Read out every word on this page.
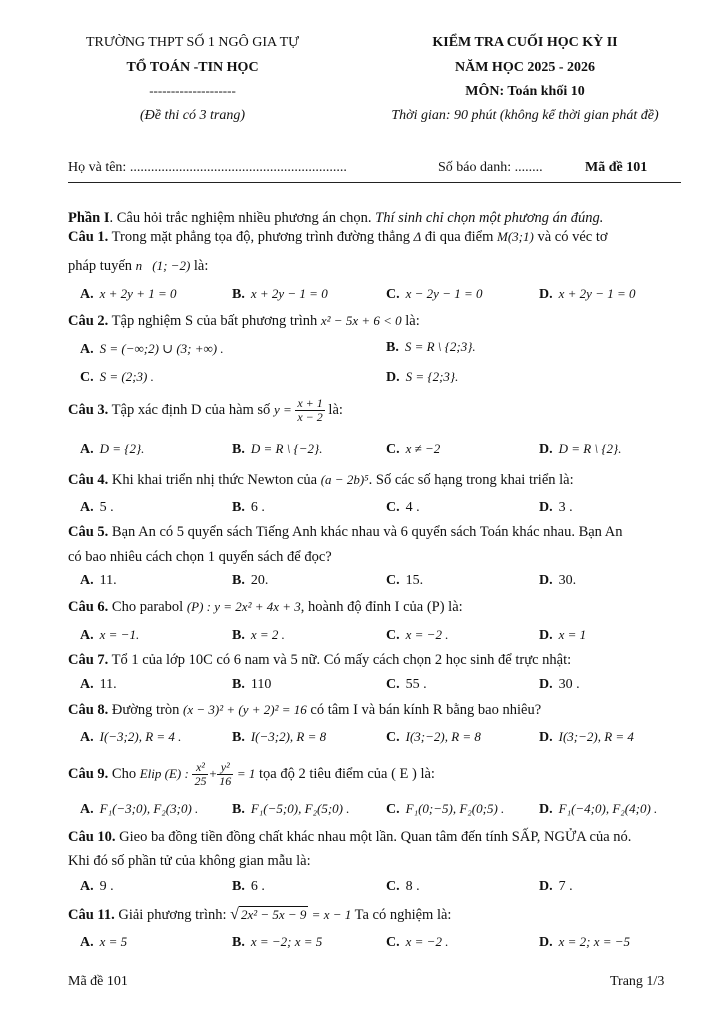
TRƯỜNG THPT SỐ 1 NGÔ GIA TỰ
TỔ TOÁN -TIN HỌC
--------------------
(Đề thi có 3 trang)
KIỂM TRA CUỐI HỌC KỲ II
NĂM HỌC 2025 - 2026
MÔN: Toán khối 10
Thời gian: 90 phút (không kể thời gian phát đề)
Họ và tên: ..............................................................	Số báo danh: ........	Mã đề 101
Phần I. Câu hỏi trắc nghiệm nhiều phương án chọn. Thí sinh chỉ chọn một phương án đúng.
Câu 1. Trong mặt phẳng tọa độ, phương trình đường thẳng Δ đi qua điểm M(3;1) và có véc tơ
pháp tuyến n⃗(1; −2) là:
A. x + 2y + 1 = 0	B. x + 2y − 1 = 0	C. x − 2y − 1 = 0	D. x + 2y − 1 = 0
Câu 2. Tập nghiệm S của bất phương trình x² − 5x + 6 < 0 là:
A. S = (−∞;2) ∪ (3; +∞) .	B. S = R \ {2;3}.
C. S = (2;3) .	D. S = {2;3}.
Câu 3. Tập xác định D của hàm số $y = \frac{x + 1}{x - 2}$ là:
A. D = {2}.	B. D = R \ {−2}.	C. x ≠ −2	D. D = R \ {2}.
Câu 4. Khi khai triển nhị thức Newton của (a − 2b)⁵. Số các số hạng trong khai triển là:
A. 5 .	B. 6 .	C. 4 .	D. 3 .
Câu 5. Bạn An có 5 quyển sách Tiếng Anh khác nhau và 6 quyển sách Toán khác nhau. Bạn An
có bao nhiêu cách chọn 1 quyển sách để đọc?
A. 11.	B. 20.	C. 15.	D. 30.
Câu 6. Cho parabol (P) : y = 2x² + 4x + 3, hoành độ đỉnh I của (P) là:
A. x = −1.	B. x = 2 .	C. x = −2 .	D. x = 1
Câu 7. Tổ 1 của lớp 10C có 6 nam và 5 nữ. Có mấy cách chọn 2 học sinh để trực nhật:
A. 11.	B. 110	C. 55 .	D. 30 .
Câu 8. Đường tròn (x − 3)² + (y + 2)² = 16 có tâm I và bán kính R bằng bao nhiêu?
A. I(−3;2), R = 4 .	B. I(−3;2), R = 8	C. I(3;−2), R = 8	D. I(3;−2), R = 4
Câu 9. Cho Elip (E) : $\frac{\text{x²}}{25} + \frac{\text{y²}}{16} = 1$ tọa độ 2 tiêu điểm của ( E ) là:
A. F₁(−3;0), F₂(3;0) . B. F₁(−5;0), F₂(5;0) .	C. F₁(0;−5), F₂(0;5) . D. F₁(−4;0), F₂(4;0) .
Câu 10. Gieo ba đồng tiền đồng chất khác nhau một lần. Quan tâm đến tính SẤP, NGỬA của nó.
Khi đó số phần tử của không gian mẫu là:
A. 9 .	B. 6 .	C. 8 .	D. 7 .
Câu 11. Giải phương trình: √ 2x² − 5x − 9 = x − 1 Ta có nghiệm là:
A. x = 5	B. x = −2; x = 5	C. x = −2 .	D. x = 2; x = −5
Mã đề 101	Trang 1/3
